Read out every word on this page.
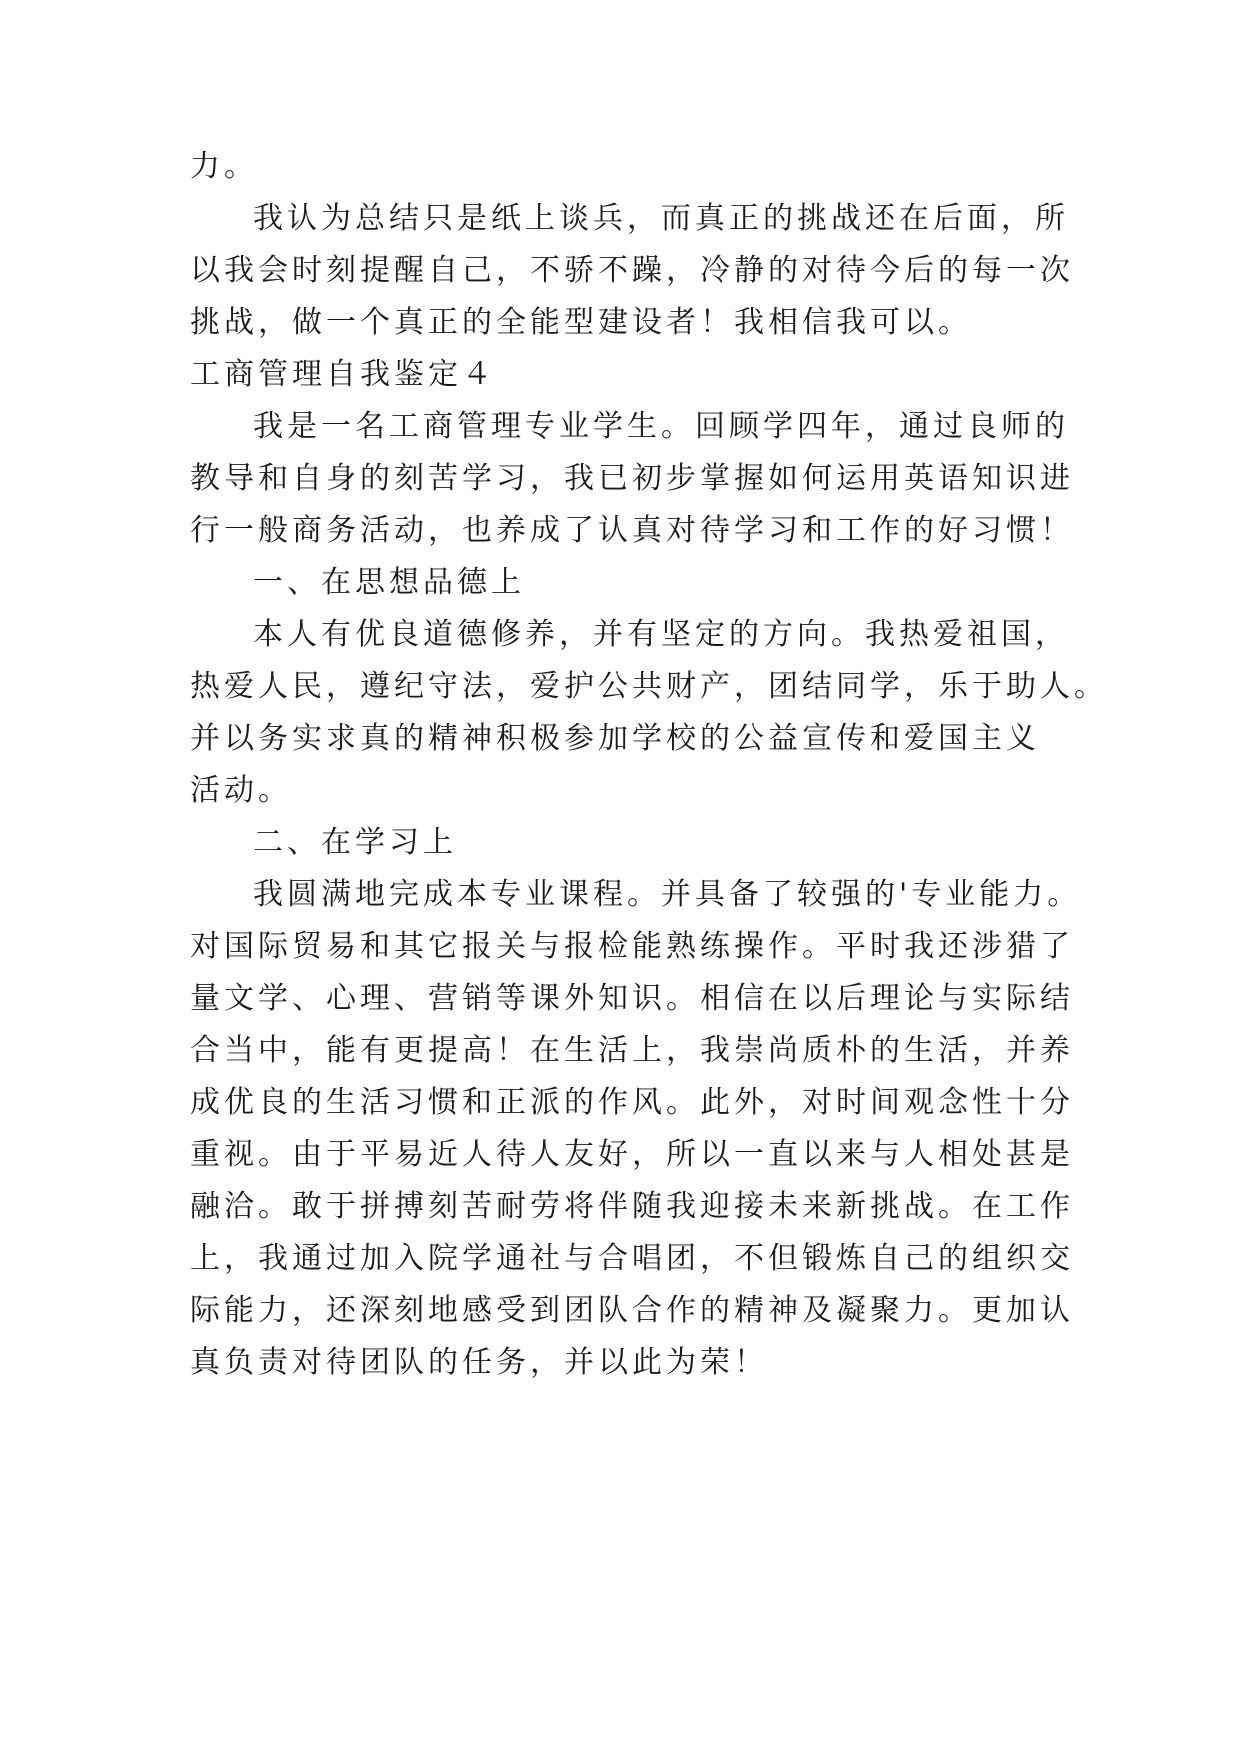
力。
我认为总结只是纸上谈兵，而真正的挑战还在后面，所
以我会时刻提醒自己，不骄不躁，冷静的对待今后的每一次
挑战，做一个真正的全能型建设者！我相信我可以。
工商管理自我鉴定４
我是一名工商管理专业学生。回顾学四年，通过良师的
教导和自身的刻苦学习，我已初步掌握如何运用英语知识进
行一般商务活动，也养成了认真对待学习和工作的好习惯！
一、在思想品德上
本人有优良道德修养，并有坚定的方向。我热爱祖国，
热爱人民，遵纪守法，爱护公共财产，团结同学，乐于助人。
并以务实求真的精神积极参加学校的公益宣传和爱国主义
活动。
二、在学习上
我圆满地完成本专业课程。并具备了较强的'专业能力。
对国际贸易和其它报关与报检能熟练操作。平时我还涉猎了
量文学、心理、营销等课外知识。相信在以后理论与实际结
合当中，能有更提高！在生活上，我崇尚质朴的生活，并养
成优良的生活习惯和正派的作风。此外，对时间观念性十分
重视。由于平易近人待人友好，所以一直以来与人相处甚是
融洽。敢于拼搏刻苦耐劳将伴随我迎接未来新挑战。在工作
上，我通过加入院学通社与合唱团，不但锻炼自己的组织交
际能力，还深刻地感受到团队合作的精神及凝聚力。更加认
真负责对待团队的任务，并以此为荣！
